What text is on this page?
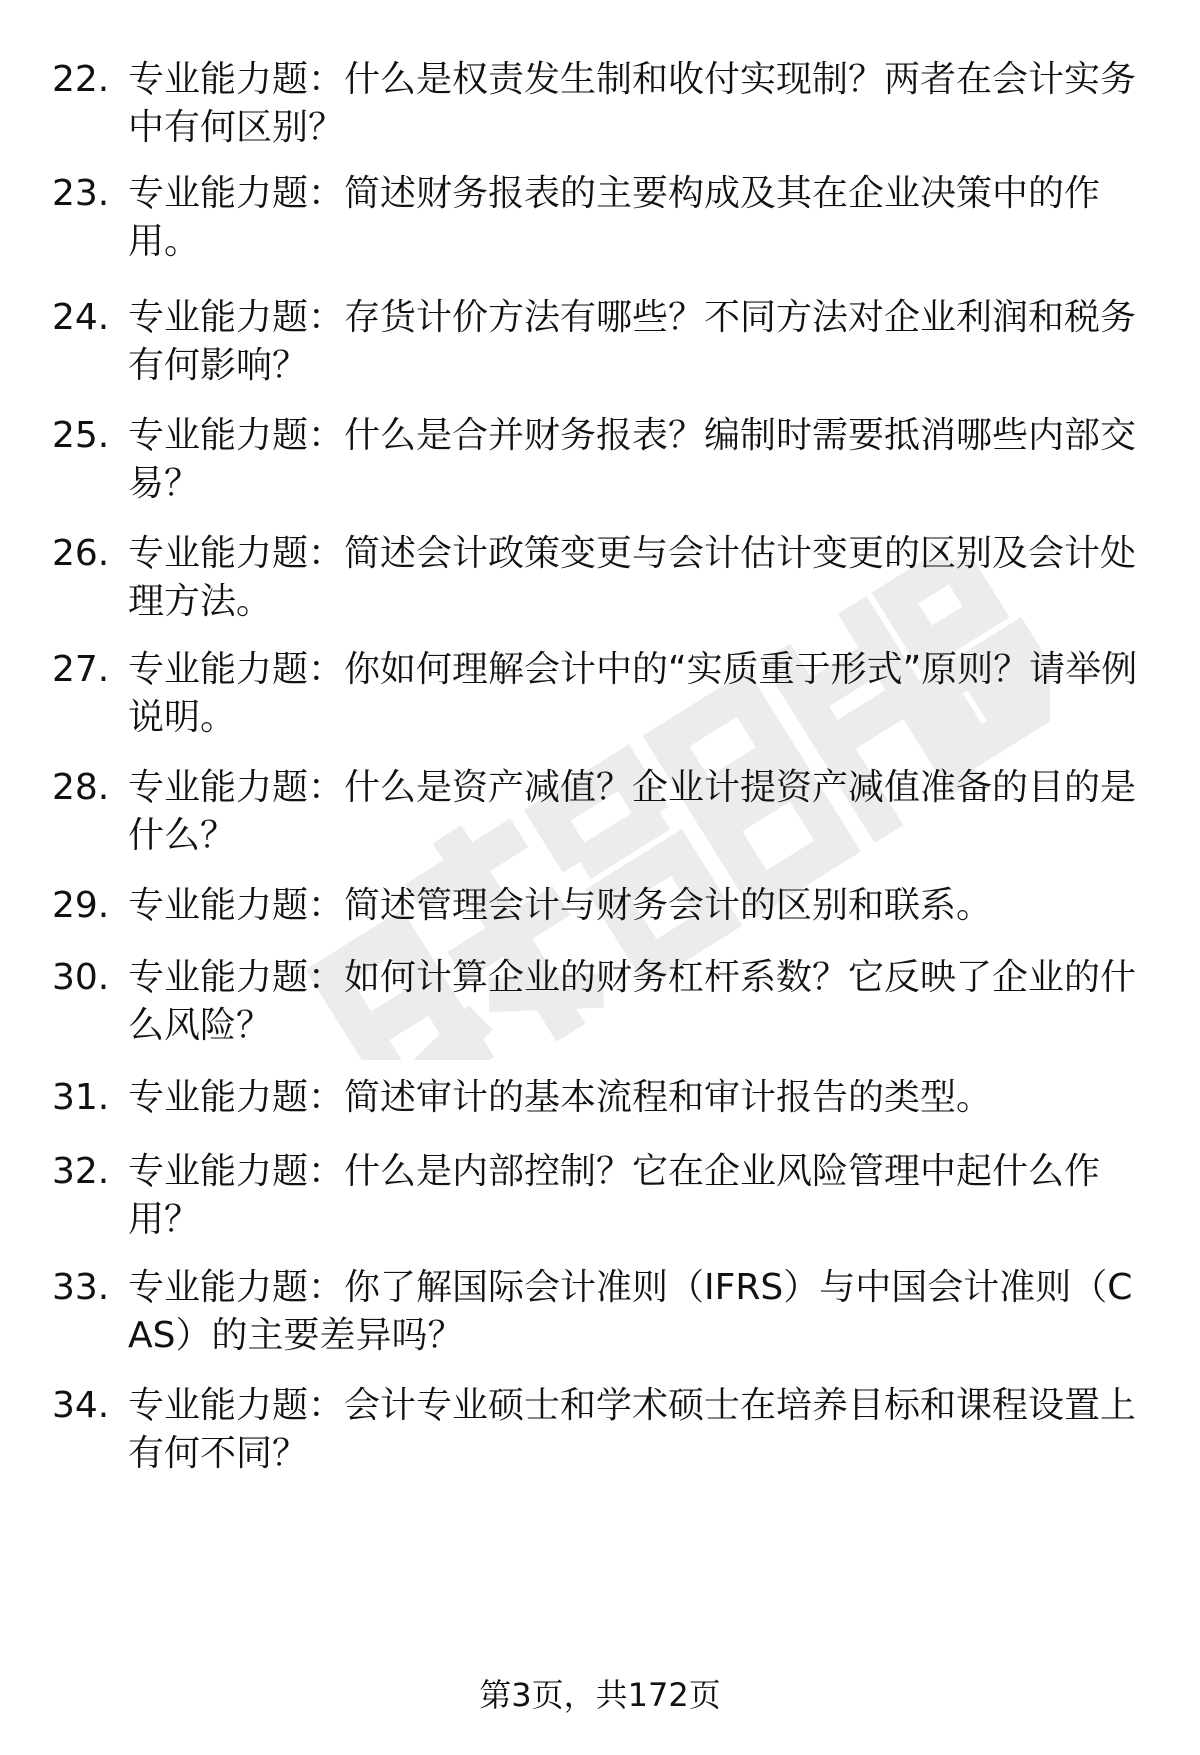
22. 专业能力题：什么是权责发生制和收付实现制？两者在会计实务中有何区别？
23. 专业能力题：简述财务报表的主要构成及其在企业决策中的作用。
24. 专业能力题：存货计价方法有哪些？不同方法对企业利润和税务有何影响？
25. 专业能力题：什么是合并财务报表？编制时需要抵消哪些内部交易？
26. 专业能力题：简述会计政策变更与会计估计变更的区别及会计处理方法。
27. 专业能力题：你如何理解会计中的“实质重于形式”原则？请举例说明。
28. 专业能力题：什么是资产减值？企业计提资产减值准备的目的是什么？
29. 专业能力题：简述管理会计与财务会计的区别和联系。
30. 专业能力题：如何计算企业的财务杠杆系数？它反映了企业的什么风险？
31. 专业能力题：简述审计的基本流程和审计报告的类型。
32. 专业能力题：什么是内部控制？它在企业风险管理中起什么作用？
33. 专业能力题：你了解国际会计准则（IFRS）与中国会计准则（CAS）的主要差异吗？
34. 专业能力题：会计专业硕士和学术硕士在培养目标和课程设置上有何不同？
第3页，共172页
